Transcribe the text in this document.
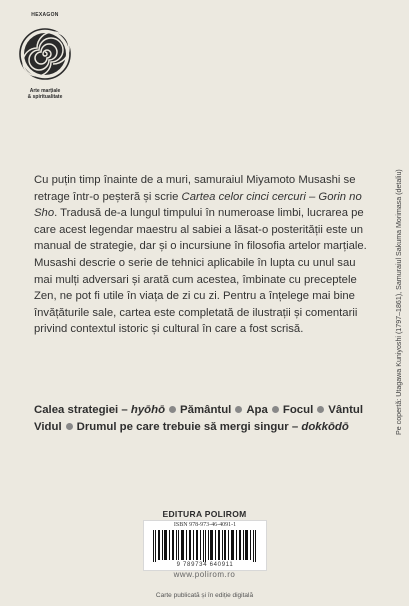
HEXAGON
Arte marțiale
& spiritualitate

Cu puțin timp înainte de a muri, samuraiul Miyamoto Musashi se retrage într-o peșteră și scrie Cartea celor cinci cercuri – Gorin no Sho. Tradusă de-a lungul timpului în numeroase limbi, lucrarea pe care acest legendar maestru al sabiei a lăsat-o posterității este un manual de strategie, dar și o incursiune în filosofia artelor marțiale. Musashi descrie o serie de tehnici aplicabile în lupta cu unul sau mai mulți adversari și arată cum acestea, îmbinate cu preceptele Zen, ne pot fi utile în viața de zi cu zi. Pentru a înțelege mai bine învățăturile sale, cartea este completată de ilustrații și comentarii privind contextul istoric și cultural în care a fost scrisă.

Calea strategiei – hyōhō Pământul Apa Focul Vântul
Vidul Drumul pe care trebuie să mergi singur – dokkōdō	Pe copertă: Utagawa Kuniyoshi (1797–1861), Samuraiul Sakuma Morimasa (detaliu)
EDITURA POLIROM
ISBN 978-973-46-4091-1
9 789734 640911
www.polirom.ro
Carte publicată și în ediție digitală
